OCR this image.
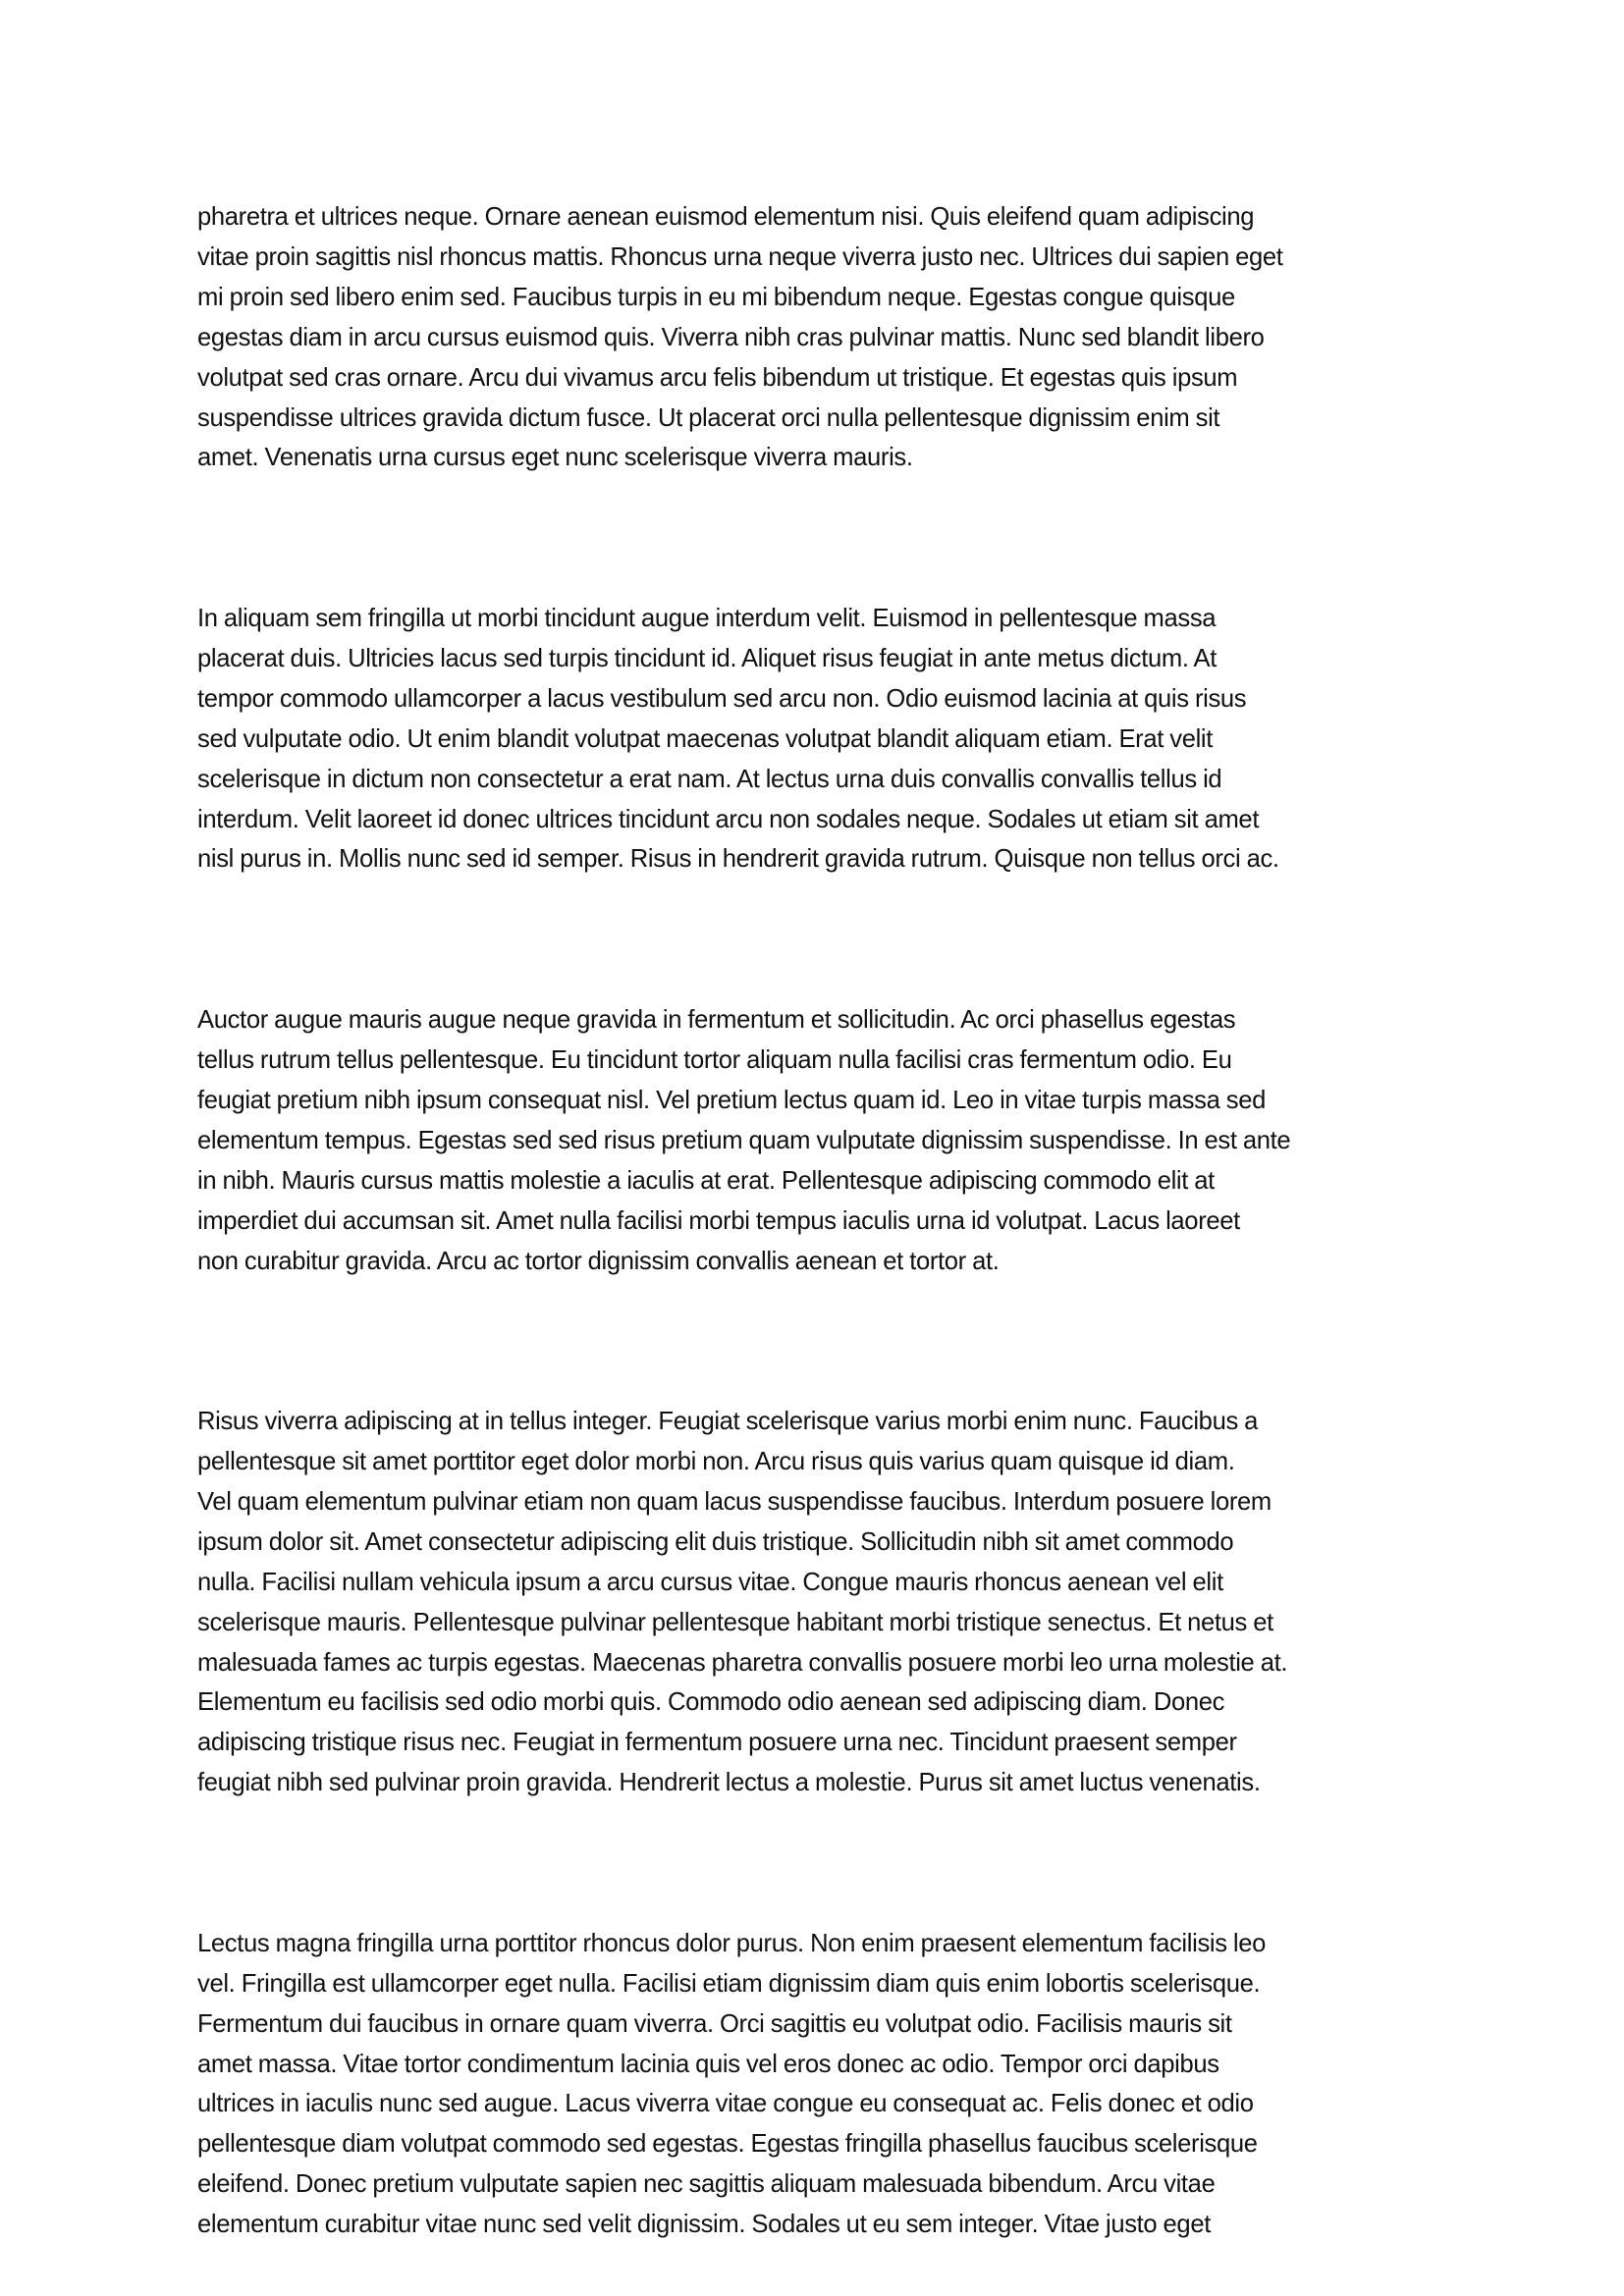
pharetra et ultrices neque. Ornare aenean euismod elementum nisi. Quis eleifend quam adipiscing
vitae proin sagittis nisl rhoncus mattis. Rhoncus urna neque viverra justo nec. Ultrices dui sapien eget
mi proin sed libero enim sed. Faucibus turpis in eu mi bibendum neque. Egestas congue quisque
egestas diam in arcu cursus euismod quis. Viverra nibh cras pulvinar mattis. Nunc sed blandit libero
volutpat sed cras ornare. Arcu dui vivamus arcu felis bibendum ut tristique. Et egestas quis ipsum
suspendisse ultrices gravida dictum fusce. Ut placerat orci nulla pellentesque dignissim enim sit
amet. Venenatis urna cursus eget nunc scelerisque viverra mauris.
In aliquam sem fringilla ut morbi tincidunt augue interdum velit. Euismod in pellentesque massa
placerat duis. Ultricies lacus sed turpis tincidunt id. Aliquet risus feugiat in ante metus dictum. At
tempor commodo ullamcorper a lacus vestibulum sed arcu non. Odio euismod lacinia at quis risus
sed vulputate odio. Ut enim blandit volutpat maecenas volutpat blandit aliquam etiam. Erat velit
scelerisque in dictum non consectetur a erat nam. At lectus urna duis convallis convallis tellus id
interdum. Velit laoreet id donec ultrices tincidunt arcu non sodales neque. Sodales ut etiam sit amet
nisl purus in. Mollis nunc sed id semper. Risus in hendrerit gravida rutrum. Quisque non tellus orci ac.
Auctor augue mauris augue neque gravida in fermentum et sollicitudin. Ac orci phasellus egestas
tellus rutrum tellus pellentesque. Eu tincidunt tortor aliquam nulla facilisi cras fermentum odio. Eu
feugiat pretium nibh ipsum consequat nisl. Vel pretium lectus quam id. Leo in vitae turpis massa sed
elementum tempus. Egestas sed sed risus pretium quam vulputate dignissim suspendisse. In est ante
in nibh. Mauris cursus mattis molestie a iaculis at erat. Pellentesque adipiscing commodo elit at
imperdiet dui accumsan sit. Amet nulla facilisi morbi tempus iaculis urna id volutpat. Lacus laoreet
non curabitur gravida. Arcu ac tortor dignissim convallis aenean et tortor at.
Risus viverra adipiscing at in tellus integer. Feugiat scelerisque varius morbi enim nunc. Faucibus a
pellentesque sit amet porttitor eget dolor morbi non. Arcu risus quis varius quam quisque id diam.
Vel quam elementum pulvinar etiam non quam lacus suspendisse faucibus. Interdum posuere lorem
ipsum dolor sit. Amet consectetur adipiscing elit duis tristique. Sollicitudin nibh sit amet commodo
nulla. Facilisi nullam vehicula ipsum a arcu cursus vitae. Congue mauris rhoncus aenean vel elit
scelerisque mauris. Pellentesque pulvinar pellentesque habitant morbi tristique senectus. Et netus et
malesuada fames ac turpis egestas. Maecenas pharetra convallis posuere morbi leo urna molestie at.
Elementum eu facilisis sed odio morbi quis. Commodo odio aenean sed adipiscing diam. Donec
adipiscing tristique risus nec. Feugiat in fermentum posuere urna nec. Tincidunt praesent semper
feugiat nibh sed pulvinar proin gravida. Hendrerit lectus a molestie. Purus sit amet luctus venenatis.
Lectus magna fringilla urna porttitor rhoncus dolor purus. Non enim praesent elementum facilisis leo
vel. Fringilla est ullamcorper eget nulla. Facilisi etiam dignissim diam quis enim lobortis scelerisque.
Fermentum dui faucibus in ornare quam viverra. Orci sagittis eu volutpat odio. Facilisis mauris sit
amet massa. Vitae tortor condimentum lacinia quis vel eros donec ac odio. Tempor orci dapibus
ultrices in iaculis nunc sed augue. Lacus viverra vitae congue eu consequat ac. Felis donec et odio
pellentesque diam volutpat commodo sed egestas. Egestas fringilla phasellus faucibus scelerisque
eleifend. Donec pretium vulputate sapien nec sagittis aliquam malesuada bibendum. Arcu vitae
elementum curabitur vitae nunc sed velit dignissim. Sodales ut eu sem integer. Vitae justo eget
